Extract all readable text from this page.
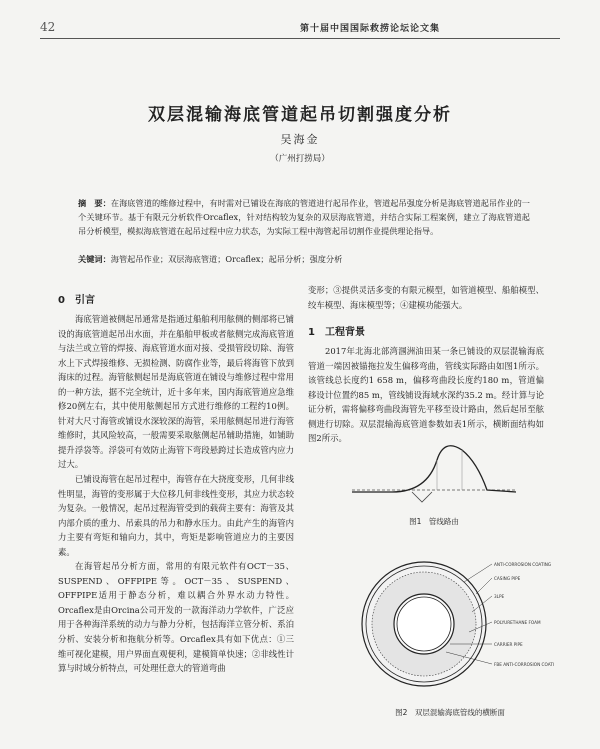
42	第十届中国国际救捞论坛论文集
双层混输海底管道起吊切割强度分析
吴海金
（广州打捞局）
摘　要：在海底管道的维修过程中，有时需对已铺设在海底的管道进行起吊作业，管道起吊强度分析是海底管道起吊作业的一个关键环节。基于有限元分析软件Orcaflex，针对结构较为复杂的双层海底管道，并结合实际工程案例，建立了海底管道起吊分析模型，模拟海底管道在起吊过程中应力状态，为实际工程中海管起吊切割作业提供理论指导。
关键词：海管起吊作业；双层海底管道；Orcaflex；起吊分析；强度分析
0　引言

海底管道被侧起吊通常是指通过船舶利用舷侧的侧部将已铺设的海底管道起吊出水面，并在船舶甲板或者舷侧完成海底管道与法兰或立管的焊接、海底管道水面对接、受损管段切除、海管水上下式焊接维修、无损检测、防腐作业等，最后将海管下放到海床的过程。海管舷侧起吊是海底管道在铺设与维修过程中常用的一种方法，据不完全统计，近十多年来，国内海底管道应急维修20例左右，其中使用舷侧起吊方式进行维修的工程约10例。针对大尺寸海管或铺设水深较深的海管，采用舷侧起吊进行海管维修时，其风险较高，一般需要采取舷侧起吊辅助措施，如铺助提升浮袋等。浮袋可有效防止海管下弯段悬跨过长造成管内应力过大。

已铺设海管在起吊过程中，海管存在大挠度变形，几何非线性明显，海管的变形属于大位移几何非线性变形，其应力状态较为复杂。一般情况，起吊过程海管受到的载荷主要有：海管及其内部介质的重力、吊索具的吊力和静水压力。由此产生的海管内力主要有弯矩和轴向力，其中，弯矩是影响管道应力的主要因素。

在海管起吊分析方面，常用的有限元软件有OCT－35、SUSPEND、OFFPIPE等。OCT－35、SUSPEND、OFFPIPE适用于静态分析，难以耦合外界水动力特性。Orcaflex是由Orcina公司开发的一款海洋动力学软件，广泛应用于各种海洋系统的动力与静力分析，包括海洋立管分析、系泊分析、安装分析和拖航分析等。Orcaflex具有如下优点：①三维可视化建模，用户界面直观便利，建模简单快速；②非线性计算与时域分析特点，可处理任意大的管道弯曲

变形；③提供灵活多变的有限元模型，如管道模型、船舶模型、绞车模型、海床模型等；④建模功能强大。
1　工程背景
2017年北海北部湾涠洲油田某一条已铺设的双层混输海底管道一端因被锚拖拉发生偏移弯曲，管线实际路由如图1所示。该管线总长度约1 658 m，偏移弯曲段长度约180 m，管道偏移设计位置约85 m，管线铺设海域水深约35.2 m。经计算与论证分析，需将偏移弯曲段海管先平移至设计路由，然后起吊至舷侧进行切除。双层混输海底管道参数如表1所示，横断面结构如图2所示。
图1　管线路由
ANTI-CORROSION COATING
CASING PIPE
3LPE
POLYURETHANE FOAM
CARRIER PIPE
FBE ANTI-CORROSION COATING
图2　双层混输海底管线的横断面
